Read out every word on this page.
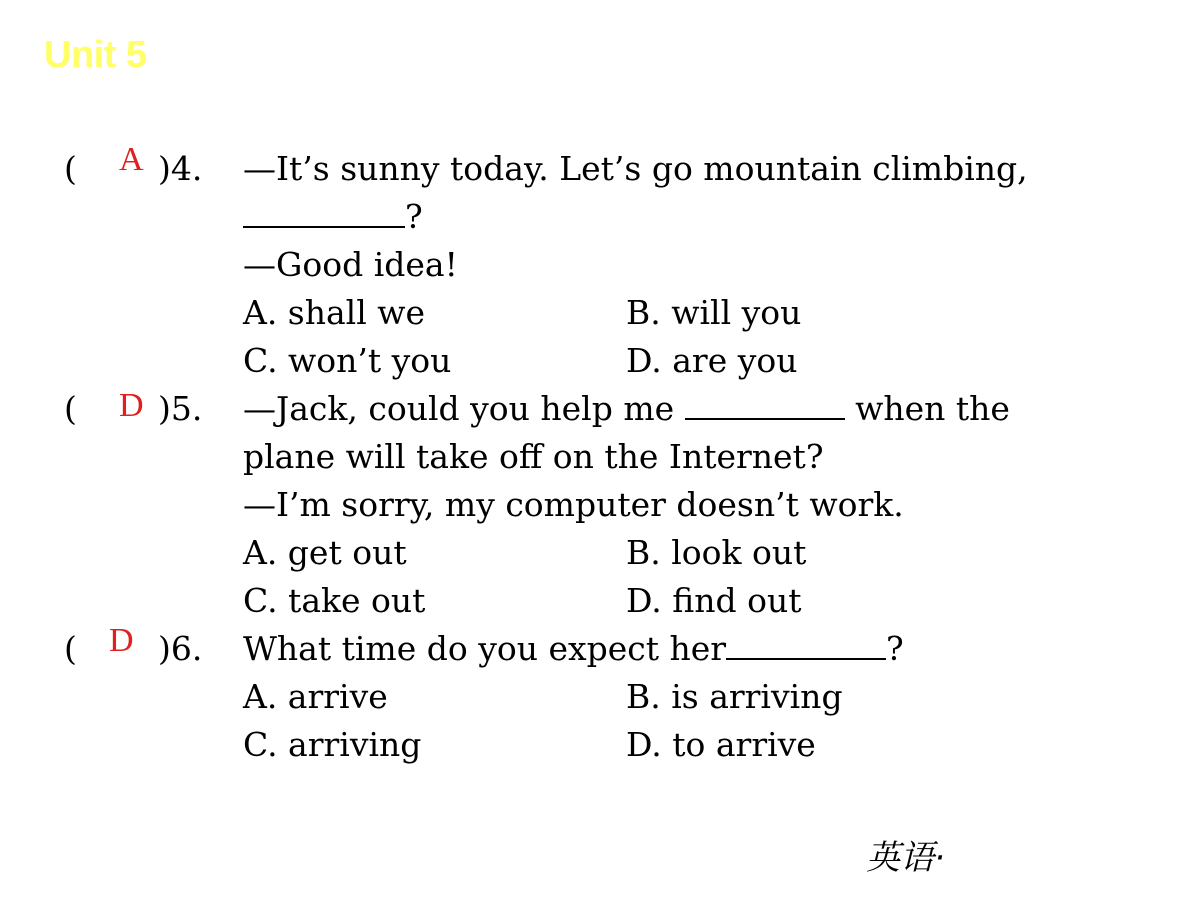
Unit 5
( A )4. —It’s sunny today. Let’s go mountain climbing,
?
—Good idea!
A. shall we	B. will you
C. won’t you	D. are you
( D )5. —Jack, could you help me	when the
plane will take off on the Internet?
—I’m sorry, my computer doesn’t work.
A. get out	B. look out
C. take out	D. find out
( D )6. What time do you expect her	?
A. arrive	B. is arriving
C. arriving	D. to arrive
英语·
